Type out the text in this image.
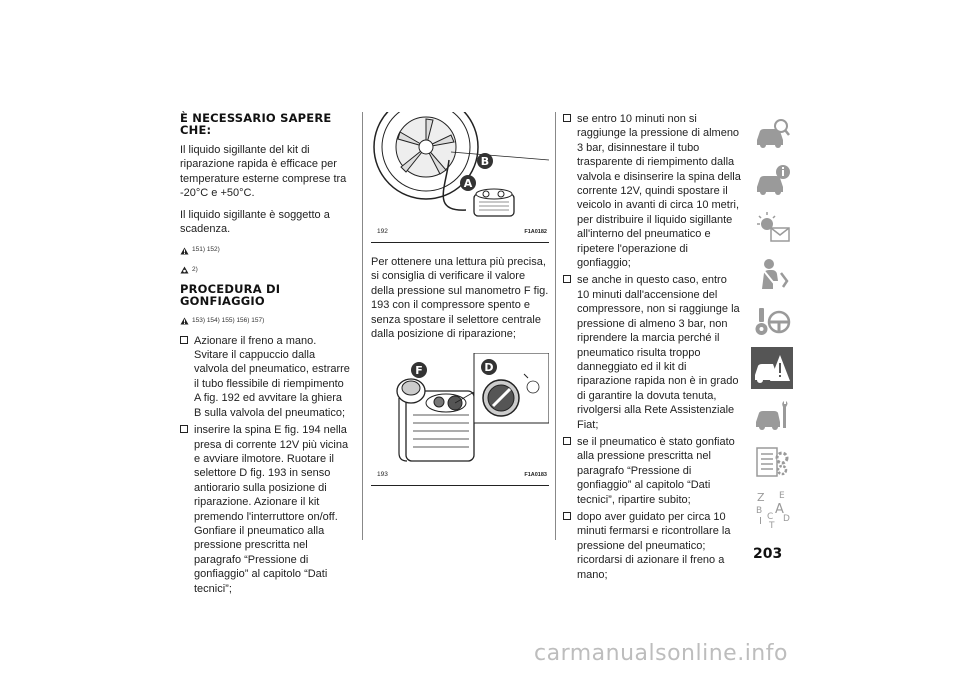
È NECESSARIO SAPERE CHE:

Il liquido sigillante del kit di riparazione rapida è efficace per temperature esterne comprese tra -20°C e +50°C.

Il liquido sigillante è soggetto a scadenza.

151) 152)
2)
PROCEDURA DI GONFIAGGIO
153) 154) 155) 156) 157)
Azionare il freno a mano. Svitare il cappuccio dalla valvola del pneumatico, estrarre il tubo flessibile di riempimento A fig. 192 ed avvitare la ghiera B sulla valvola del pneumatico;
inserire la spina E fig. 194 nella presa di corrente 12V più vicina e avviare ilmotore. Ruotare il selettore D fig. 193 in senso antiorario sulla posizione di riparazione. Azionare il kit premendo l'interruttore on/off. Gonfiare il pneumatico alla pressione prescritta nel paragrafo “Pressione di gonfiaggio” al capitolo “Dati tecnici”;
B
A
192	F1A0182

Per ottenere una lettura più precisa, si consiglia di verificare il valore della pressione sul manometro F fig. 193 con il compressore spento e senza spostare il selettore centrale dalla posizione di riparazione;

F	D
193	F1A0183
se entro 10 minuti non si raggiunge la pressione di almeno 3 bar, disinnestare il tubo trasparente di riempimento dalla valvola e disinserire la spina della corrente 12V, quindi spostare il veicolo in avanti di circa 10 metri, per distribuire il liquido sigillante all'interno del pneumatico e ripetere l'operazione di gonfiaggio;
se anche in questo caso, entro 10 minuti dall'accensione del compressore, non si raggiunge la pressione di almeno 3 bar, non riprendere la marcia perché il pneumatico risulta troppo danneggiato ed il kit di riparazione rapida non è in grado di garantire la dovuta tenuta, rivolgersi alla Rete Assistenziale Fiat;
se il pneumatico è stato gonfiato alla pressione prescritta nel paragrafo “Pressione di gonfiaggio” al capitolo “Dati tecnici”, ripartire subito;
dopo aver guidato per circa 10 minuti fermarsi e ricontrollare la pressione del pneumatico; ricordarsi di azionare il freno a mano;
Z E
B A
I C D
T
203
carmanualsonline.info
